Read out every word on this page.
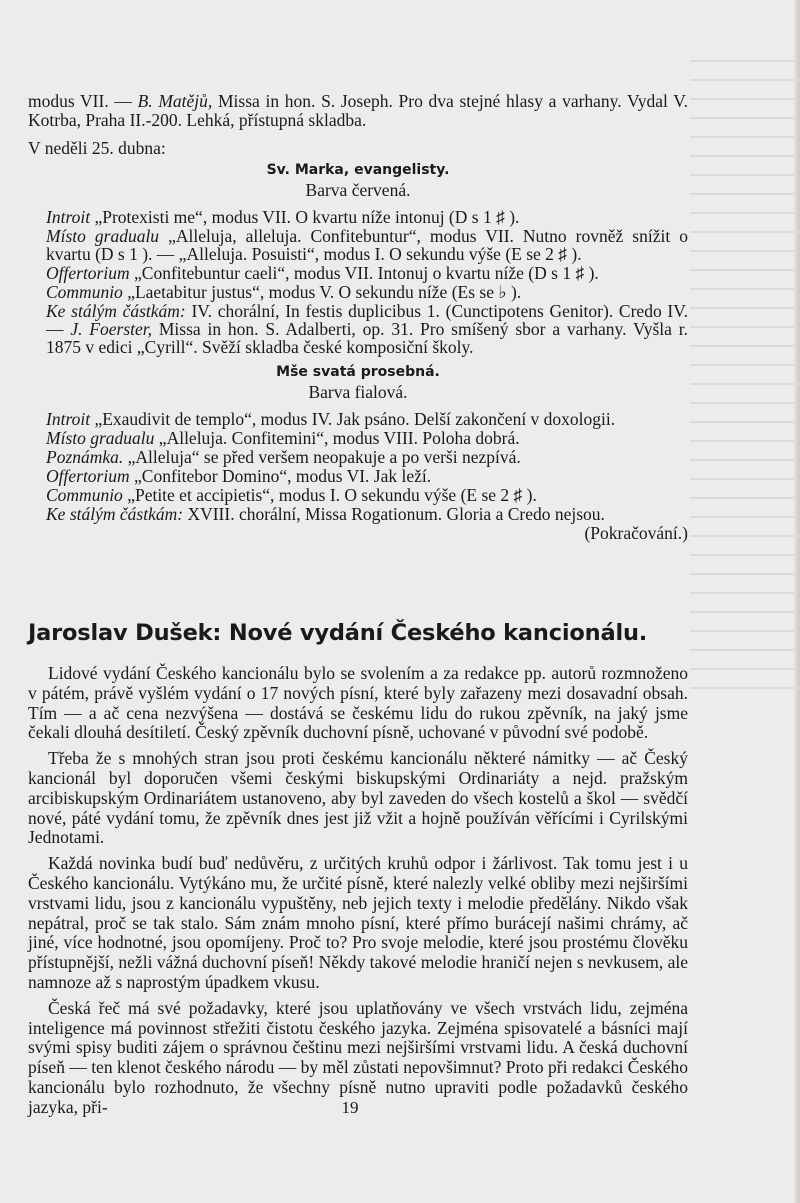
modus VII. — B. Matějů, Missa in hon. S. Joseph. Pro dva stejné hlasy a varhany. Vydal V. Kotrba, Praha II.-200. Lehká, přístupná skladba.

V neděli 25. dubna:

Sv. Marka, evangelisty.
Barva červená.

Introit „Protexisti me“, modus VII. O kvartu níže intonuj (D s 1 ♯ ).

Místo gradualu „Alleluja, alleluja. Confitebuntur“, modus VII. Nutno rovněž snížit o kvartu (D s 1 ). — „Alleluja. Posuisti“, modus I. O sekundu výše (E se 2 ♯ ).

Offertorium „Confitebuntur caeli“, modus VII. Intonuj o kvartu níže (D s 1 ♯ ).

Communio „Laetabitur justus“, modus V. O sekundu níže (Es se ♭ ).

Ke stálým částkám: IV. chorální, In festis duplicibus 1. (Cunctipotens Genitor). Credo IV. — J. Foerster, Missa in hon. S. Adalberti, op. 31. Pro smíšený sbor a varhany. Vyšla r. 1875 v edici „Cyrill“. Svěží skladba české komposiční školy.

Mše svatá prosebná.
Barva fialová.

Introit „Exaudivit de templo“, modus IV. Jak psáno. Delší zakončení v doxologii.

Místo gradualu „Alleluja. Confitemini“, modus VIII. Poloha dobrá.

Poznámka. „Alleluja“ se před veršem neopakuje a po verši nezpívá.

Offertorium „Confitebor Domino“, modus VI. Jak leží.

Communio „Petite et accipietis“, modus I. O sekundu výše (E se 2 ♯ ).

Ke stálým částkám: XVIII. chorální, Missa Rogationum. Gloria a Credo nejsou.

(Pokračování.)

Jaroslav Dušek: Nové vydání Českého kancionálu.

Lidové vydání Českého kancionálu bylo se svolením a za redakce pp. autorů rozmnoženo v pátém, právě vyšlém vydání o 17 nových písní, které byly zařazeny mezi dosavadní obsah. Tím — a ač cena nezvýšena — dostává se českému lidu do rukou zpěvník, na jaký jsme čekali dlouhá desítiletí. Český zpěvník duchovní písně, uchované v původní své podobě.

Třeba že s mnohých stran jsou proti českému kancionálu některé námitky — ač Český kancionál byl doporučen všemi českými biskupskými Ordinariáty a nejd. pražským arcibiskupským Ordinariátem ustanoveno, aby byl zaveden do všech kostelů a škol — svědčí nové, páté vydání tomu, že zpěvník dnes jest již vžit a hojně používán věřícími i Cyrilskými Jednotami.

Každá novinka budí buď nedůvěru, z určitých kruhů odpor i žárlivost. Tak tomu jest i u Českého kancionálu. Vytýkáno mu, že určité písně, které nalezly velké obliby mezi nejširšími vrstvami lidu, jsou z kancionálu vypuštěny, neb jejich texty i melodie předělány. Nikdo však nepátral, proč se tak stalo. Sám znám mnoho písní, které přímo burácejí našimi chrámy, ač jiné, více hodnotné, jsou opomíjeny. Proč to? Pro svoje melodie, které jsou prostému člověku přístupnější, nežli vážná duchovní píseň! Někdy takové melodie hraničí nejen s nevkusem, ale namnoze až s naprostým úpadkem vkusu.

Česká řeč má své požadavky, které jsou uplatňovány ve všech vrstvách lidu, zejména inteligence má povinnost střežiti čistotu českého jazyka. Zejména spisovatelé a básníci mají svými spisy buditi zájem o správnou češtinu mezi nejširšími vrstvami lidu. A česká duchovní píseň — ten klenot českého národu — by měl zůstati nepovšimnut? Proto při redakci Českého kancionálu bylo rozhodnuto, že všechny písně nutno upraviti podle požadavků českého jazyka, při-	19
